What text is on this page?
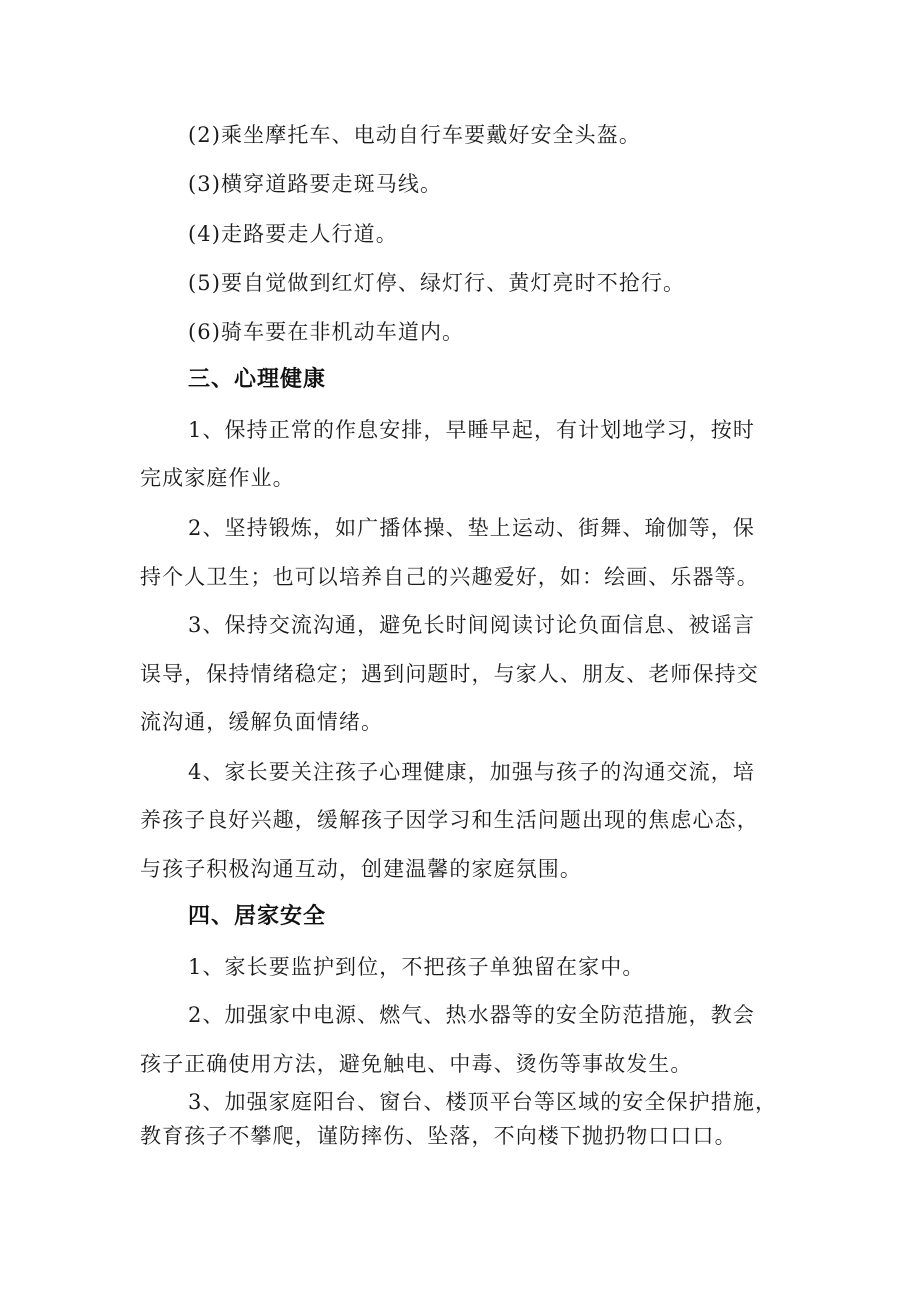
(2)乘坐摩托车、电动自行车要戴好安全头盔。

(3)横穿道路要走斑马线。

(4)走路要走人行道。

(5)要自觉做到红灯停、绿灯行、黄灯亮时不抢行。

(6)骑车要在非机动车道内。

三、心理健康

1、保持正常的作息安排，早睡早起，有计划地学习，按时

完成家庭作业。

2、坚持锻炼，如广播体操、垫上运动、街舞、瑜伽等，保

持个人卫生；也可以培养自己的兴趣爱好，如：绘画、乐器等。

3、保持交流沟通，避免长时间阅读讨论负面信息、被谣言

误导，保持情绪稳定；遇到问题时，与家人、朋友、老师保持交

流沟通，缓解负面情绪。

4、家长要关注孩子心理健康，加强与孩子的沟通交流，培

养孩子良好兴趣，缓解孩子因学习和生活问题出现的焦虑心态，

与孩子积极沟通互动，创建温馨的家庭氛围。

四、居家安全

1、家长要监护到位，不把孩子单独留在家中。

2、加强家中电源、燃气、热水器等的安全防范措施，教会

孩子正确使用方法，避免触电、中毒、烫伤等事故发生。

3、加强家庭阳台、窗台、楼顶平台等区域的安全保护措施，

教育孩子不攀爬，谨防摔伤、坠落，不向楼下抛扔物口口口。
